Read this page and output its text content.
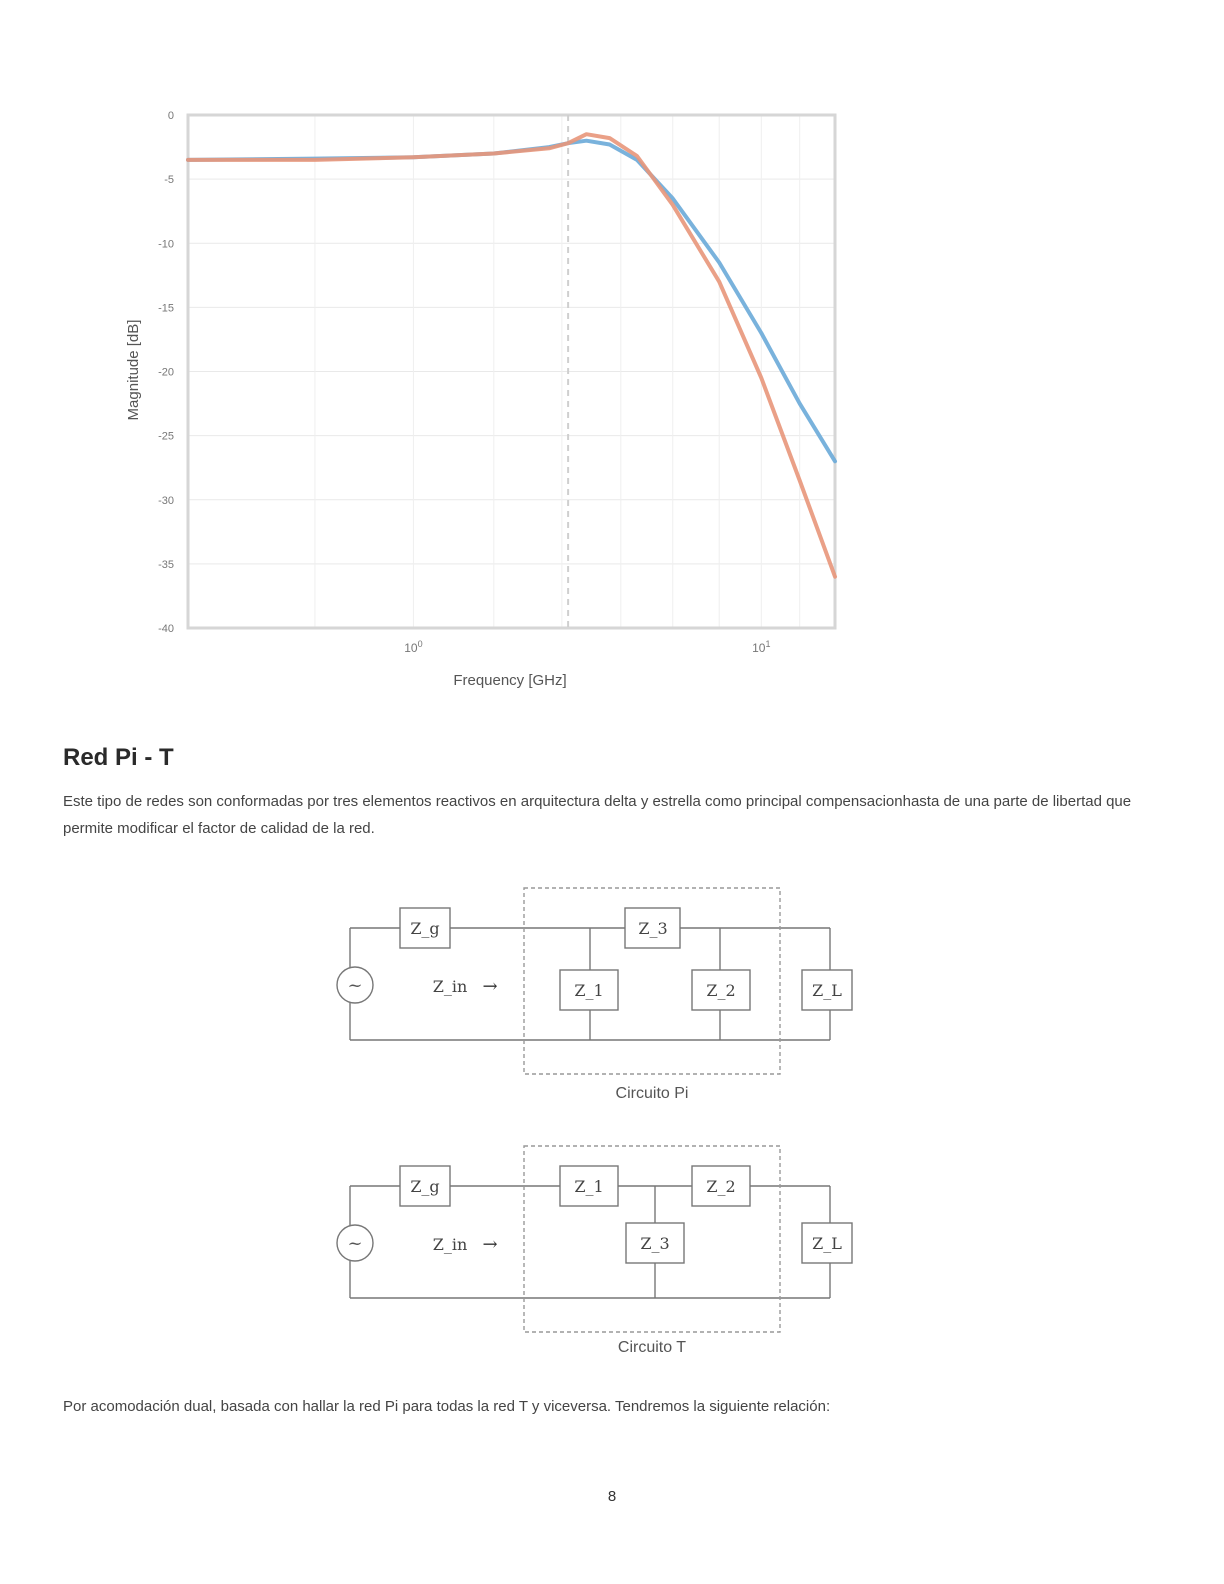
0
-5
-10
-15
-20
-25
-30
-35
-40
$10^0$	$10^1$
Frequency [GHz]
Magnitude [dB]
Red Pi - T

Este tipo de redes son conformadas por tres elementos reactivos en arquitectura delta y estrella como principal compensacionhasta de una parte de libertad que permite modificar el factor de calidad de la red.

~
Z_g
Z_in →
Z_3
Z_1	Z_2	Z_L
Circuito Pi
~
Z_g
Z_in →
Z_1	Z_2
Z_3	Z_L
Circuito T

Por acomodación dual, basada con hallar la red Pi para todas la red T y viceversa. Tendremos la siguiente relación:

8
